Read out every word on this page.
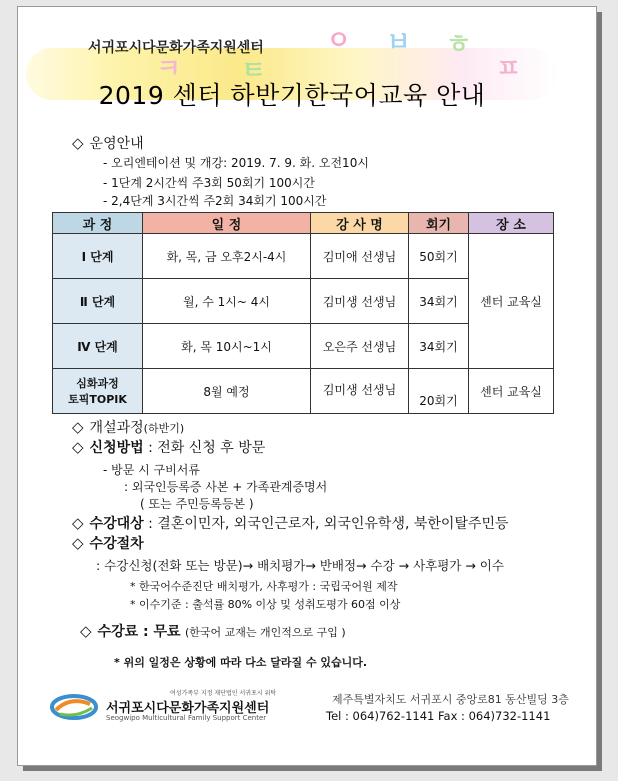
ㅇ ㅂ ㅎ
ㅋ ㅌ	ㅍ
서귀포시다문화가족지원센터
2019 센터 하반기한국어교육 안내
◇ 운영안내
- 오리엔테이션 및 개강: 2019. 7. 9. 화. 오전10시
- 1단계 2시간씩 주3회 50회기 100시간
- 2,4단계 3시간씩 주2회 34회기 100시간
과 정	일 정	강 사 명	회기	장 소
Ⅰ 단계	화, 목, 금 오후2시-4시	김미애 선생님	50회기	센터 교육실
Ⅱ 단계	월, 수 1시~ 4시	김미생 선생님	34회기	
Ⅳ 단계	화, 목 10시~1시	오은주 선생님	34회기	
심화과정
토픽TOPIK	8월 예정	김미생 선생님	20회기	센터 교육실
◇ 개설과정(하반기)
◇ 신청방법 : 전화 신청 후 방문
- 방문 시 구비서류
: 외국인등록증 사본 + 가족관계증명서
( 또는 주민등록등본 )
◇ 수강대상 : 결혼이민자, 외국인근로자, 외국인유학생, 북한이탈주민등
◇ 수강절차
: 수강신청(전화 또는 방문)→ 배치평가→ 반배정→ 수강 → 사후평가 → 이수
* 한국어수준진단 배치평가, 사후평가 : 국립국어원 제작
* 이수기준 : 출석률 80% 이상 및 성취도평가 60점 이상
◇ 수강료 : 무료 (한국어 교재는 개인적으로 구입 )
* 위의 일정은 상황에 따라 다소 달라질 수 있습니다.
여성가족부 지정 재단법인 서귀포시 위탁
서귀포시다문화가족지원센터
Seogwipo Multicultural Family Support Center
제주특별자치도 서귀포시 중앙로81 동산빌딩 3층
Tel : 064)762-1141 Fax : 064)732-1141
